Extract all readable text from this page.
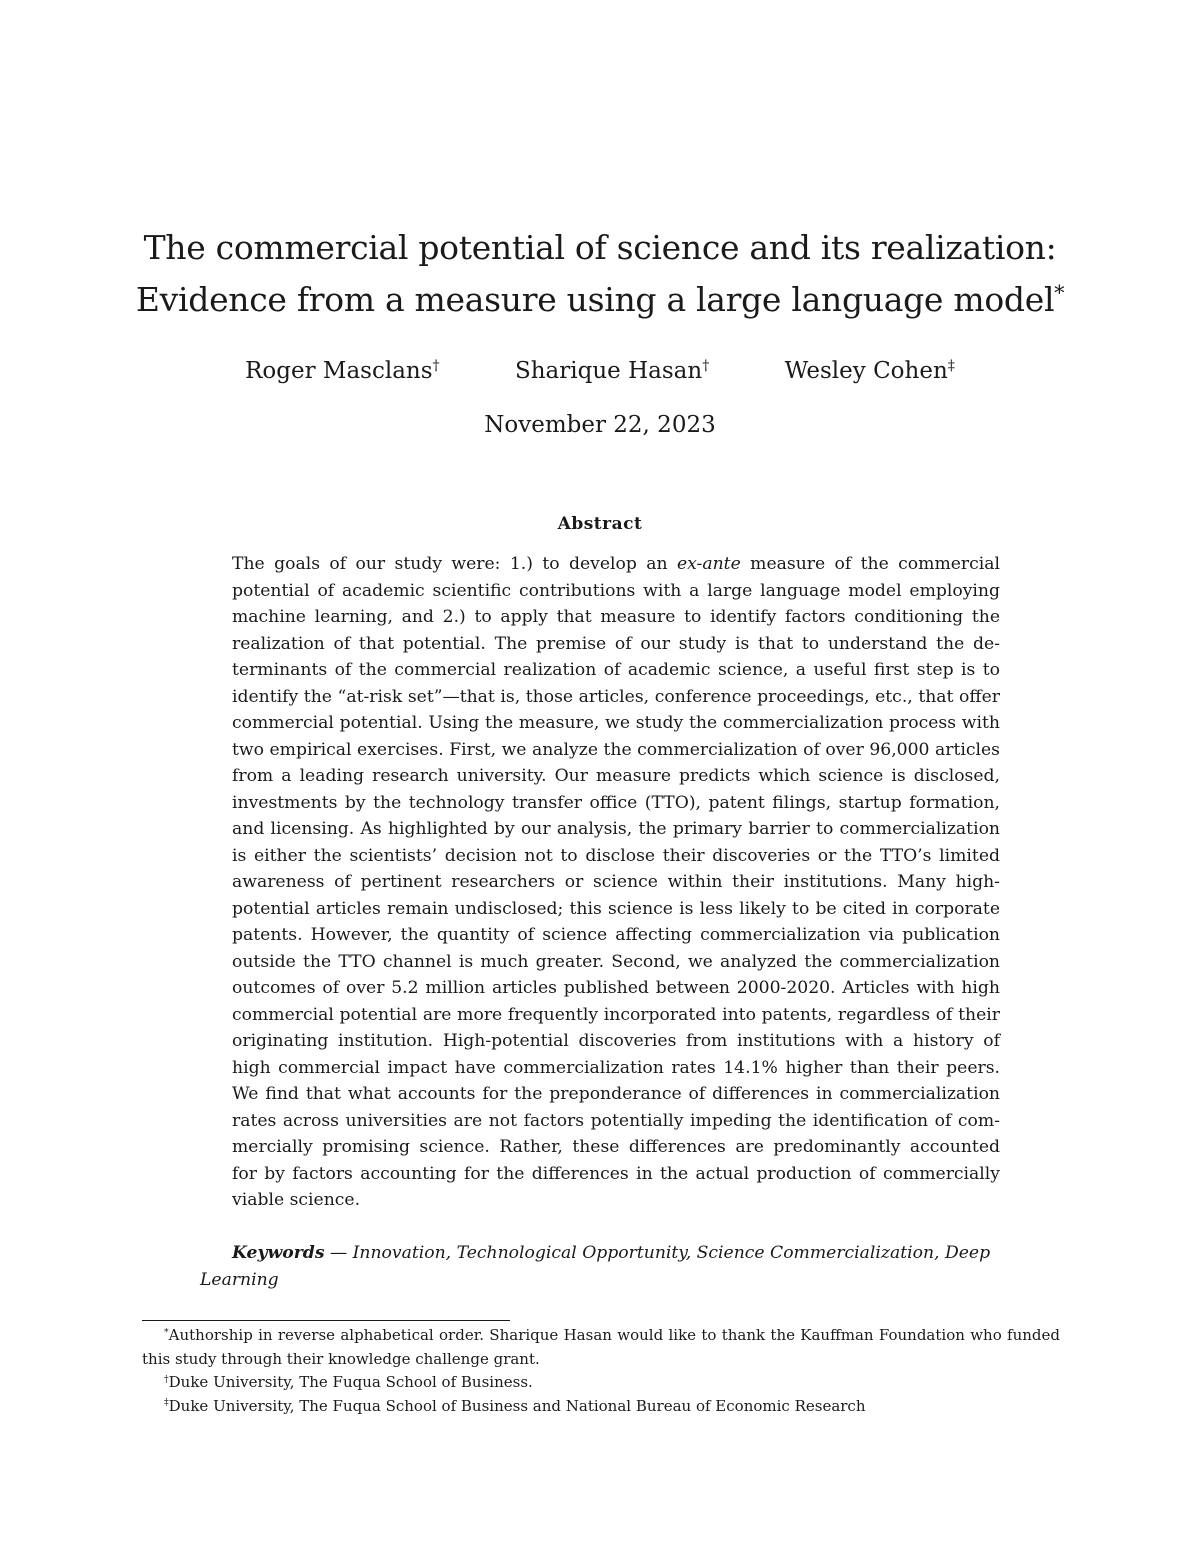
The commercial potential of science and its realization:
Evidence from a measure using a large language model*
Roger Masclans†	Sharique Hasan†	Wesley Cohen‡
November 22, 2023
Abstract
The goals of our study were: 1.) to develop an ex-ante measure of the commercial
potential of academic scientific contributions with a large language model employing
machine learning, and 2.) to apply that measure to identify factors conditioning the
realization of that potential. The premise of our study is that to understand the de-
terminants of the commercial realization of academic science, a useful first step is to
identify the “at-risk set”—that is, those articles, conference proceedings, etc., that offer
commercial potential. Using the measure, we study the commercialization process with
two empirical exercises. First, we analyze the commercialization of over 96,000 articles
from a leading research university. Our measure predicts which science is disclosed,
investments by the technology transfer office (TTO), patent filings, startup formation,
and licensing. As highlighted by our analysis, the primary barrier to commercialization
is either the scientists’ decision not to disclose their discoveries or the TTO’s limited
awareness of pertinent researchers or science within their institutions. Many high-
potential articles remain undisclosed; this science is less likely to be cited in corporate
patents. However, the quantity of science affecting commercialization via publication
outside the TTO channel is much greater. Second, we analyzed the commercialization
outcomes of over 5.2 million articles published between 2000-2020. Articles with high
commercial potential are more frequently incorporated into patents, regardless of their
originating institution. High-potential discoveries from institutions with a history of
high commercial impact have commercialization rates 14.1% higher than their peers.
We find that what accounts for the preponderance of differences in commercialization
rates across universities are not factors potentially impeding the identification of com-
mercially promising science. Rather, these differences are predominantly accounted
for by factors accounting for the differences in the actual production of commercially
viable science.
Keywords — Innovation, Technological Opportunity, Science Commercialization, Deep Learning
*Authorship in reverse alphabetical order. Sharique Hasan would like to thank the Kauffman Foundation who funded this study through their knowledge challenge grant.
†Duke University, The Fuqua School of Business.
‡Duke University, The Fuqua School of Business and National Bureau of Economic Research
